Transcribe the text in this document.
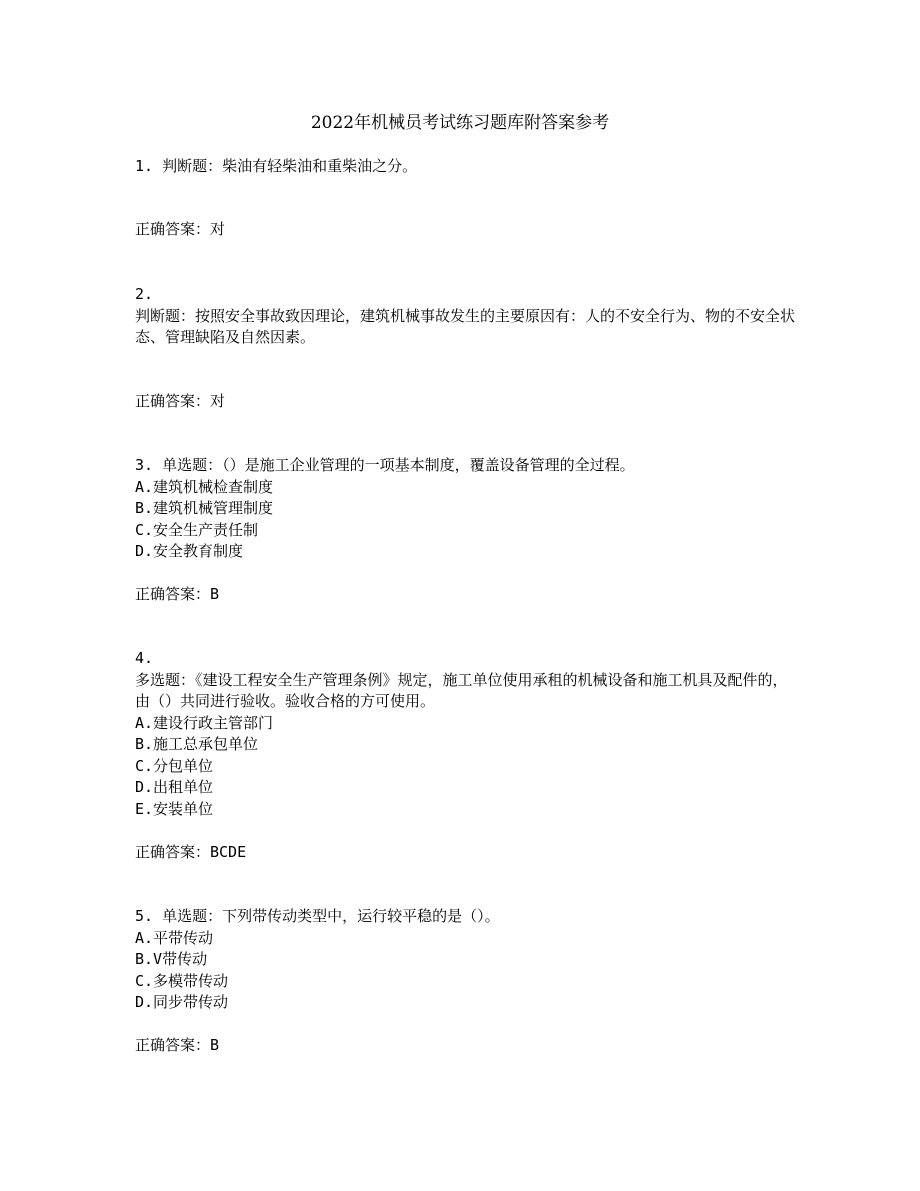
2022年机械员考试练习题库附答案参考
1. 判断题：柴油有轻柴油和重柴油之分。
正确答案：对
2.
判断题：按照安全事故致因理论，建筑机械事故发生的主要原因有：人的不安全行为、物的不安全状态、管理缺陷及自然因素。
正确答案：对
3. 单选题：（）是施工企业管理的一项基本制度，覆盖设备管理的全过程。
A.建筑机械检查制度
B.建筑机械管理制度
C.安全生产责任制
D.安全教育制度
正确答案：B
4.
多选题：《建设工程安全生产管理条例》规定，施工单位使用承租的机械设备和施工机具及配件的，由（）共同进行验收。验收合格的方可使用。
A.建设行政主管部门
B.施工总承包单位
C.分包单位
D.出租单位
E.安装单位
正确答案：BCDE
5. 单选题：下列带传动类型中，运行较平稳的是（）。
A.平带传动
B.V带传动
C.多模带传动
D.同步带传动
正确答案：B
